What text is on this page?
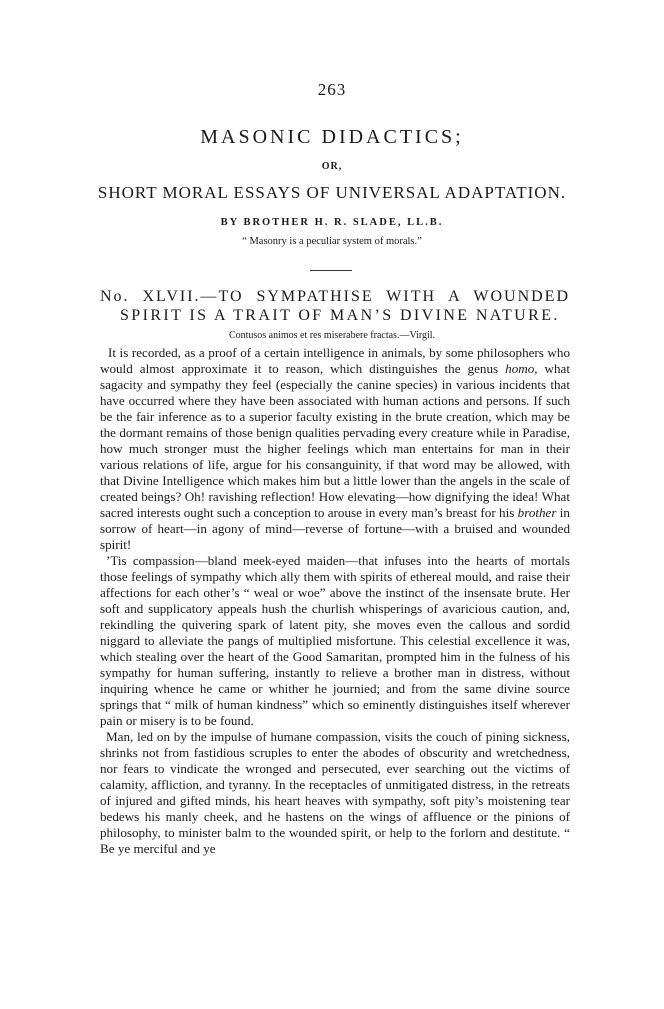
263
MASONIC DIDACTICS;
OR,
SHORT MORAL ESSAYS OF UNIVERSAL ADAPTATION.
BY BROTHER H. R. SLADE, LL.B.
“ Masonry is a peculiar system of morals.”
No. XLVII.—TO SYMPATHISE WITH A WOUNDED
SPIRIT IS A TRAIT OF MAN’S DIVINE NATURE.
Contusos animos et res miserabere fractas.—Virgil.

It is recorded, as a proof of a certain intelligence in animals, by some philosophers who would almost approximate it to reason, which distinguishes the genus homo, what sagacity and sympathy they feel (especially the canine species) in various incidents that have occurred where they have been associated with human actions and persons. If such be the fair inference as to a superior faculty existing in the brute creation, which may be the dormant remains of those benign qualities pervading every creature while in Paradise, how much stronger must the higher feelings which man entertains for man in their various relations of life, argue for his consanguinity, if that word may be allowed, with that Divine Intelligence which makes him but a little lower than the angels in the scale of created beings? Oh! ravishing reflection! How elevating—how dignifying the idea! What sacred interests ought such a conception to arouse in every man’s breast for his brother in sorrow of heart—in agony of mind—reverse of fortune—with a bruised and wounded spirit!

’Tis compassion—bland meek-eyed maiden—that infuses into the hearts of mortals those feelings of sympathy which ally them with spirits of ethereal mould, and raise their affections for each other’s “ weal or woe” above the instinct of the insensate brute. Her soft and supplicatory appeals hush the churlish whisperings of avaricious caution, and, rekindling the quivering spark of latent pity, she moves even the callous and sordid niggard to alleviate the pangs of multiplied misfortune. This celestial excellence it was, which stealing over the heart of the Good Samaritan, prompted him in the fulness of his sympathy for human suffering, instantly to relieve a brother man in distress, without inquiring whence he came or whither he journied; and from the same divine source springs that “ milk of human kindness” which so eminently distinguishes itself wherever pain or misery is to be found.

Man, led on by the impulse of humane compassion, visits the couch of pining sickness, shrinks not from fastidious scruples to enter the abodes of obscurity and wretchedness, nor fears to vindicate the wronged and persecuted, ever searching out the victims of calamity, affliction, and tyranny. In the receptacles of unmitigated distress, in the retreats of injured and gifted minds, his heart heaves with sympathy, soft pity’s moistening tear bedews his manly cheek, and he hastens on the wings of affluence or the pinions of philosophy, to minister balm to the wounded spirit, or help to the forlorn and destitute. “ Be ye merciful and ye
